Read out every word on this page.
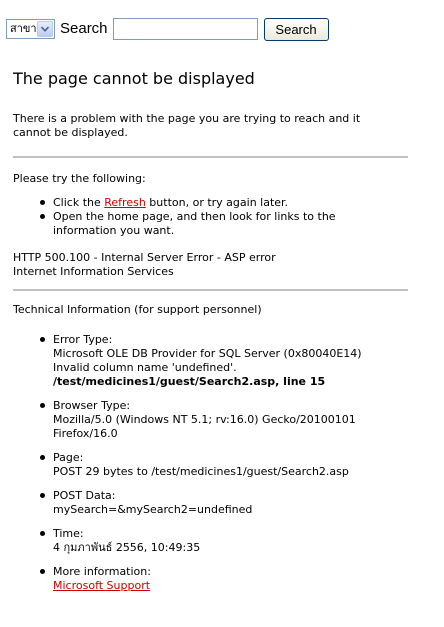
สาขา Search	Search
The page cannot be displayed

There is a problem with the page you are trying to reach and it
cannot be displayed.

Please try the following:

Click the Refresh button, or try again later.
Open the home page, and then look for links to the
information you want.

HTTP 500.100 - Internal Server Error - ASP error
Internet Information Services

Technical Information (for support personnel)

Error Type:
Microsoft OLE DB Provider for SQL Server (0x80040E14)
Invalid column name 'undefined'.
/test/medicines1/guest/Search2.asp, line 15
Browser Type:
Mozilla/5.0 (Windows NT 5.1; rv:16.0) Gecko/20100101
Firefox/16.0
Page:
POST 29 bytes to /test/medicines1/guest/Search2.asp
POST Data:
mySearch=&mySearch2=undefined
Time:
4 กุมภาพันธ์ 2556, 10:49:35
More information:
Microsoft Support
